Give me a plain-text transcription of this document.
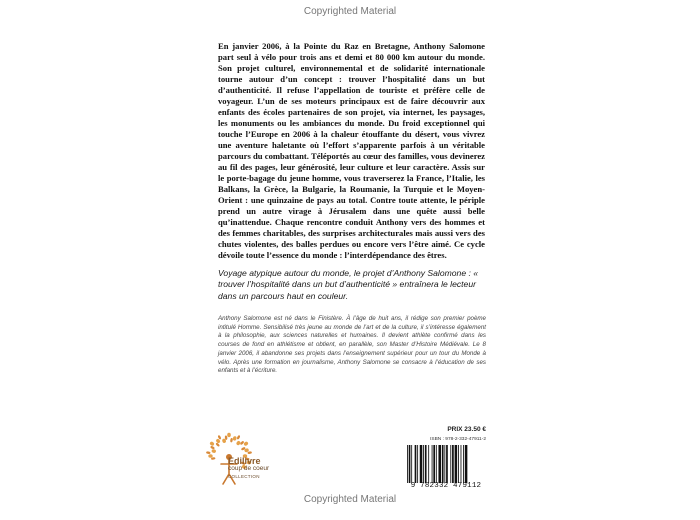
Copyrighted Material

En janvier 2006, à la Pointe du Raz en Bretagne, Anthony Salomone part seul à vélo pour trois ans et demi et 80 000 km autour du monde. Son projet culturel, environnemental et de solidarité internationale tourne autour d’un concept : trouver l’hospitalité dans un but d’authenticité. Il refuse l’appellation de touriste et préfère celle de voyageur. L’un de ses moteurs principaux est de faire découvrir aux enfants des écoles partenaires de son projet, via internet, les paysages, les monuments ou les ambiances du monde. Du froid exceptionnel qui touche l’Europe en 2006 à la chaleur étouffante du désert, vous vivrez une aventure haletante où l’effort s’apparente parfois à un véritable parcours du combattant. Téléportés au cœur des familles, vous devinerez au fil des pages, leur générosité, leur culture et leur caractère. Assis sur le porte-bagage du jeune homme, vous traverserez la France, l’Italie, les Balkans, la Grèce, la Bulgarie, la Roumanie, la Turquie et le Moyen-Orient : une quinzaine de pays au total. Contre toute attente, le périple prend un autre virage à Jérusalem dans une quête aussi belle qu’inattendue. Chaque rencontre conduit Anthony vers des hommes et des femmes charitables, des surprises architecturales mais aussi vers des chutes violentes, des balles perdues ou encore vers l’être aimé. Ce cycle dévoile toute l’essence du monde : l’interdépendance des êtres.

Voyage atypique autour du monde, le projet d’Anthony Salomone : « trouver l’hospitalité dans un but d’authenticité » entraînera le lecteur dans un parcours haut en couleur.

Anthony Salomone est né dans le Finistère. À l’âge de huit ans, il rédige son premier poème intitulé Homme. Sensibilisé très jeune au monde de l’art et de la culture, il s’intéresse également à la philosophie, aux sciences naturelles et humaines. Il devient athlète confirmé dans les courses de fond en athlétisme et obtient, en parallèle, son Master d’Histoire Médiévale. Le 8 janvier 2006, il abandonne ses projets dans l’enseignement supérieur pour un tour du Monde à vélo. Après une formation en journalisme, Anthony Salomone se consacre à l’éducation de ses enfants et à l’écriture.

Edilivre
coup de coeur
COLLECTION
PRIX 23.50 €
ISBN : 978-2-332-47911-2
9 782332 479112
Copyrighted Material
